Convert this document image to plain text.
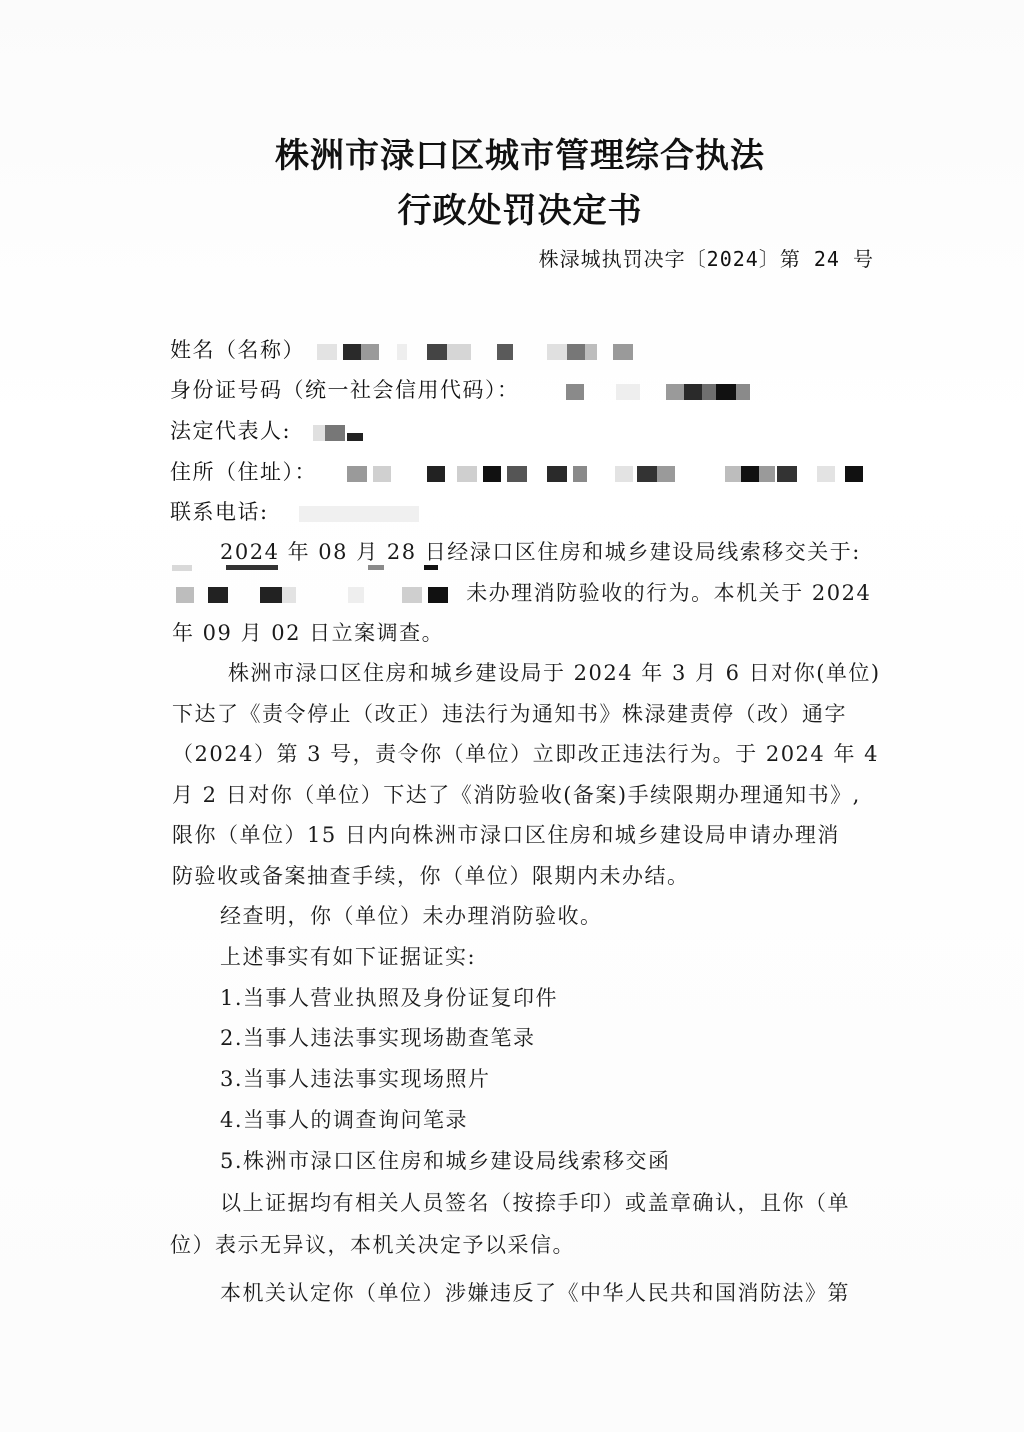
株洲市渌口区城市管理综合执法
行政处罚决定书
株渌城执罚决字〔2024〕第 24 号
姓名（名称）
身份证号码（统一社会信用代码）：
法定代表人:
住所（住址）：
联系电话:
2024 年 08 月 28 日经渌口区住房和城乡建设局线索移交关于:
未办理消防验收的行为。本机关于 2024
年 09 月 02 日立案调查。
株洲市渌口区住房和城乡建设局于 2024 年 3 月 6 日对你(单位)
下达了《责令停止（改正）违法行为通知书》株渌建责停（改）通字
（2024）第 3 号，责令你（单位）立即改正违法行为。于 2024 年 4
月 2 日对你（单位）下达了《消防验收(备案)手续限期办理通知书》,
限你（单位）15 日内向株洲市渌口区住房和城乡建设局申请办理消
防验收或备案抽查手续，你（单位）限期内未办结。
经查明，你（单位）未办理消防验收。
上述事实有如下证据证实:
1.当事人营业执照及身份证复印件
2.当事人违法事实现场勘查笔录
3.当事人违法事实现场照片
4.当事人的调查询问笔录
5.株洲市渌口区住房和城乡建设局线索移交函
以上证据均有相关人员签名（按捺手印）或盖章确认，且你（单
位）表示无异议，本机关决定予以采信。
本机关认定你（单位）涉嫌违反了《中华人民共和国消防法》第
